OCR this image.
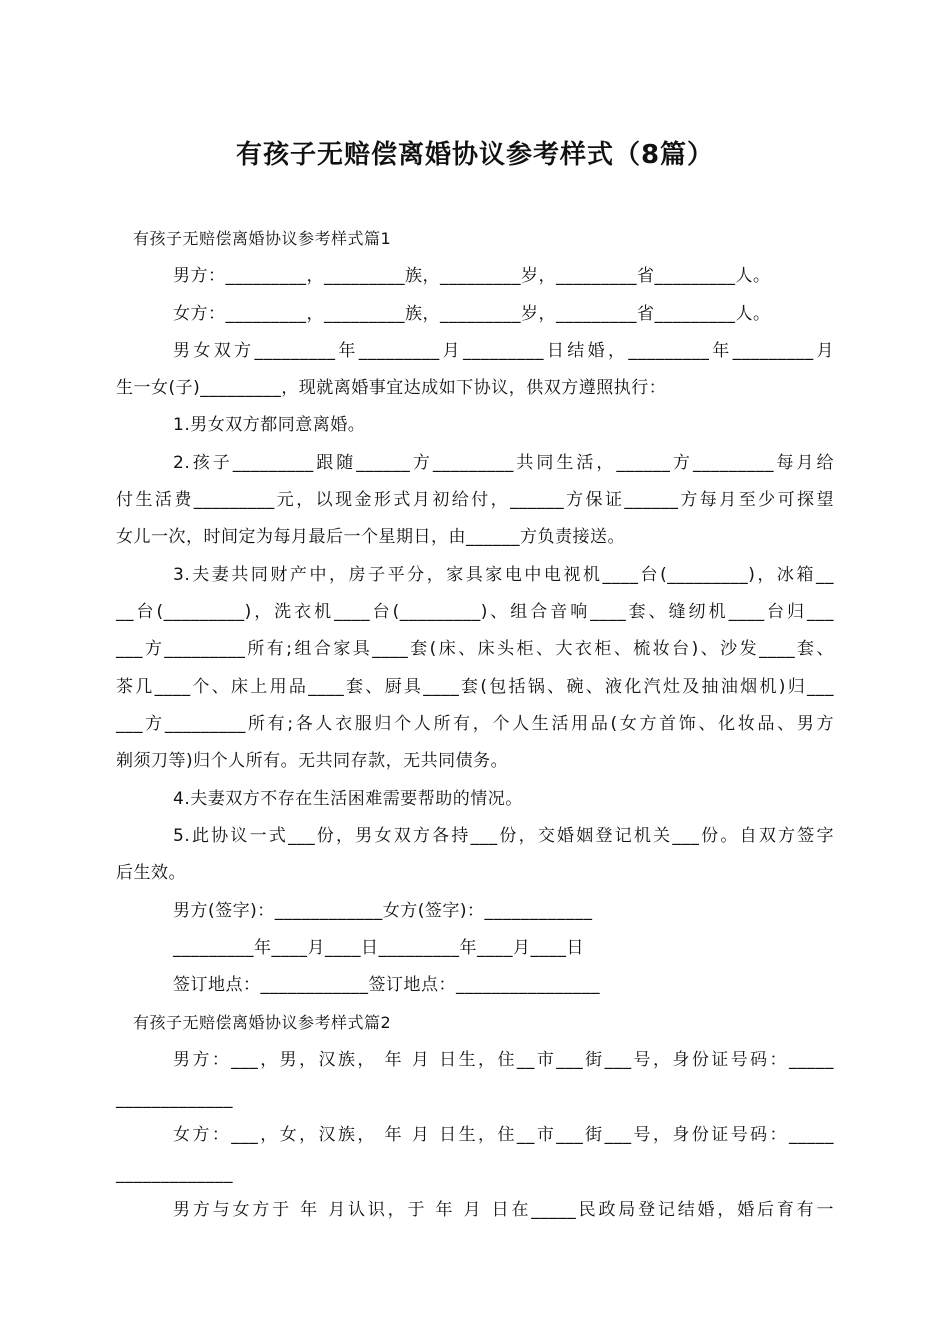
有孩子无赔偿离婚协议参考样式（8篇）

有孩子无赔偿离婚协议参考样式篇1

男方：_________，_________族，_________岁，_________省_________人。

女方：_________，_________族，_________岁，_________省_________人。

男女双方_________年_________月_________日结婚，_________年_________月

生一女(子)_________，现就离婚事宜达成如下协议，供双方遵照执行：

1.男女双方都同意离婚。

2.孩子_________跟随______方_________共同生活，______方_________每月给

付生活费_________元，以现金形式月初给付，______方保证______方每月至少可探望

女儿一次，时间定为每月最后一个星期日，由______方负责接送。

3.夫妻共同财产中，房子平分，家具家电中电视机____台(_________)，冰箱__

__台(_________)，洗衣机____台(_________)、组合音响____套、缝纫机____台归___

___方_________所有;组合家具____套(床、床头柜、大衣柜、梳妆台)、沙发____套、

茶几____个、床上用品____套、厨具____套(包括锅、碗、液化汽灶及抽油烟机)归___

___方_________所有;各人衣服归个人所有，个人生活用品(女方首饰、化妆品、男方

剃须刀等)归个人所有。无共同存款，无共同债务。

4.夫妻双方不存在生活困难需要帮助的情况。

5.此协议一式___份，男女双方各持___份，交婚姻登记机关___份。自双方签字

后生效。

男方(签字)：____________女方(签字)：____________

_________年____月____日_________年____月____日

签订地点：____________签订地点：________________

有孩子无赔偿离婚协议参考样式篇2

男方：___，男，汉族， 年 月 日生，住__市___街___号，身份证号码：_____

_____________

女方：___，女，汉族， 年 月 日生，住__市___街___号，身份证号码：_____

_____________

男方与女方于 年 月认识，于 年 月 日在_____民政局登记结婚，婚后育有一
